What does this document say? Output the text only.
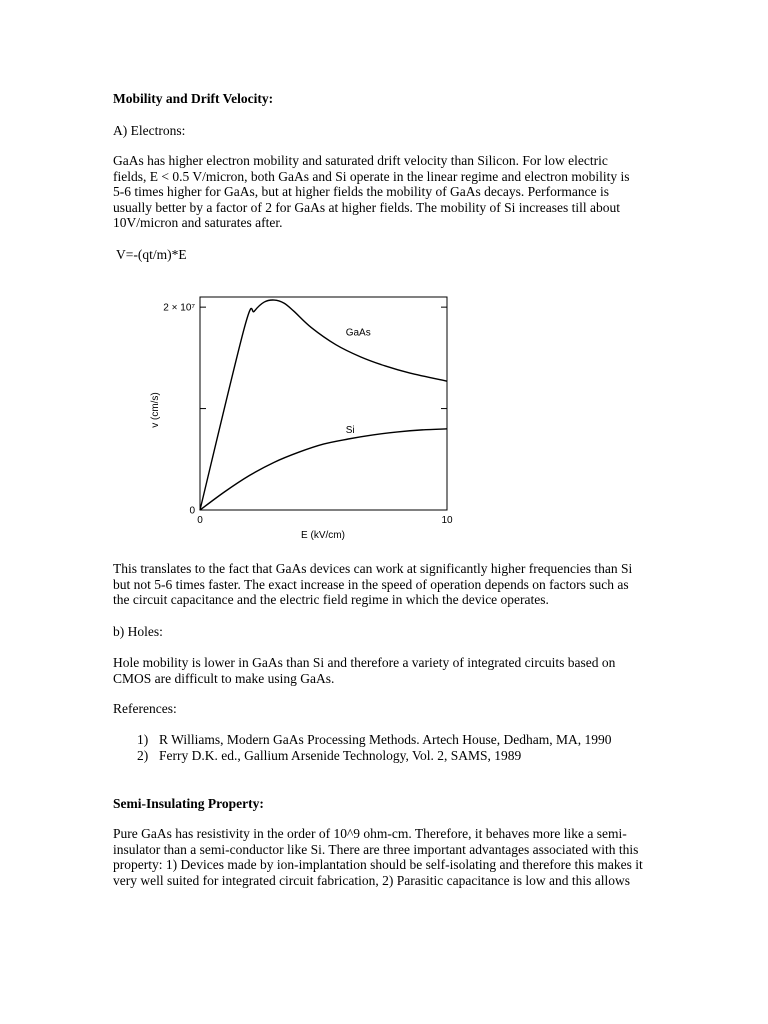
Mobility and Drift Velocity:

A) Electrons:

GaAs has higher electron mobility and saturated drift velocity than Silicon. For low electric
fields, E < 0.5 V/micron, both GaAs and Si operate in the linear regime and electron mobility is
5-6 times higher for GaAs, but at higher fields the mobility of GaAs decays. Performance is
usually better by a factor of 2 for GaAs at higher fields. The mobility of Si increases till about
10V/micron and saturates after.

V=-(qt/m)*E

0	10
0
2 × 10⁷
GaAs
Si
E (kV/cm)
v (cm/s)
This translates to the fact that GaAs devices can work at significantly higher frequencies than Si
but not 5-6 times faster. The exact increase in the speed of operation depends on factors such as
the circuit capacitance and the electric field regime in which the device operates.

b) Holes:

Hole mobility is lower in GaAs than Si and therefore a variety of integrated circuits based on
CMOS are difficult to make using GaAs.

References:

1) R Williams, Modern GaAs Processing Methods. Artech House, Dedham, MA, 1990
2) Ferry D.K. ed., Gallium Arsenide Technology, Vol. 2, SAMS, 1989

Semi-Insulating Property:

Pure GaAs has resistivity in the order of 10^9 ohm-cm. Therefore, it behaves more like a semi-
insulator than a semi-conductor like Si. There are three important advantages associated with this
property: 1) Devices made by ion-implantation should be self-isolating and therefore this makes it
very well suited for integrated circuit fabrication, 2) Parasitic capacitance is low and this allows
